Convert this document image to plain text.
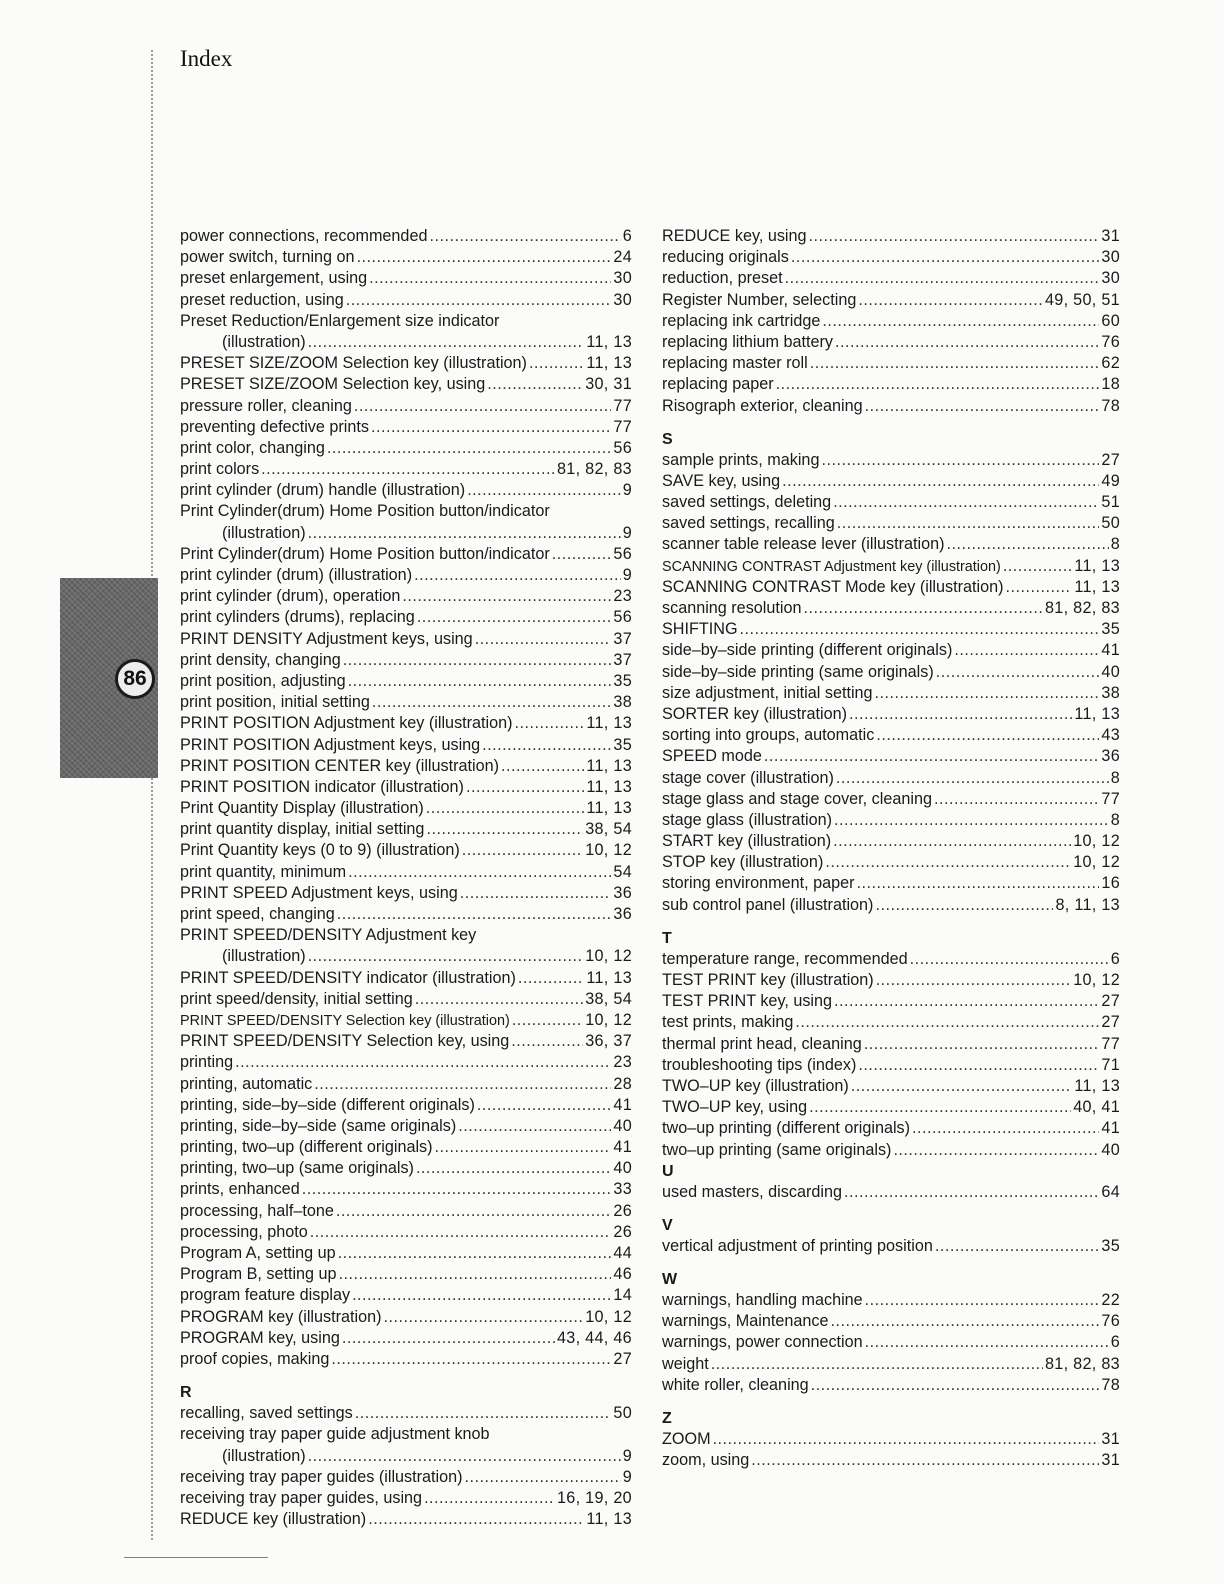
Index
86
power connections, recommended .....	6
power switch, turning on .....	24
preset enlargement, using .....	30
preset reduction, using .....	30
Preset Reduction/Enlargement size indicator
(illustration) .....	11, 13
PRESET SIZE/ZOOM Selection key (illustration) .....	11, 13
PRESET SIZE/ZOOM Selection key, using .....	30, 31
pressure roller, cleaning .....	77
preventing defective prints .....	77
print color, changing .....	56
print colors .....	81, 82, 83
print cylinder (drum) handle (illustration) .....	9
Print Cylinder(drum) Home Position button/indicator
(illustration) .....	9
Print Cylinder(drum) Home Position button/indicator .....	56
print cylinder (drum) (illustration) .....	9
print cylinder (drum), operation .....	23
print cylinders (drums), replacing .....	56
PRINT DENSITY Adjustment keys, using .....	37
print density, changing .....	37
print position, adjusting .....	35
print position, initial setting .....	38
PRINT POSITION Adjustment key (illustration) .....	11, 13
PRINT POSITION Adjustment keys, using .....	35
PRINT POSITION CENTER key (illustration) .....	11, 13
PRINT POSITION indicator (illustration) .....	11, 13
Print Quantity Display (illustration) .....	11, 13
print quantity display, initial setting .....	38, 54
Print Quantity keys (0 to 9) (illustration) .....	10, 12
print quantity, minimum .....	54
PRINT SPEED Adjustment keys, using .....	36
print speed, changing .....	36
PRINT SPEED/DENSITY Adjustment key
(illustration) .....	10, 12
PRINT SPEED/DENSITY indicator (illustration) .....	11, 13
print speed/density, initial setting .....	38, 54
PRINT SPEED/DENSITY Selection key (illustration) .....	10, 12
PRINT SPEED/DENSITY Selection key, using .....	36, 37
printing .....	23
printing, automatic .....	28
printing, side–by–side (different originals) .....	41
printing, side–by–side (same originals) .....	40
printing, two–up (different originals) .....	41
printing, two–up (same originals) .....	40
prints, enhanced .....	33
processing, half–tone .....	26
processing, photo .....	26
Program A, setting up .....	44
Program B, setting up .....	46
program feature display .....	14
PROGRAM key (illustration) .....	10, 12
PROGRAM key, using .....	43, 44, 46
proof copies, making .....	27
R
recalling, saved settings .....	50
receiving tray paper guide adjustment knob
(illustration) .....	9
receiving tray paper guides (illustration) .....	9
receiving tray paper guides, using .....	16, 19, 20
REDUCE key (illustration) .....	11, 13
REDUCE key, using .....	31
reducing originals .....	30
reduction, preset .....	30
Register Number, selecting .....	49, 50, 51
replacing ink cartridge .....	60
replacing lithium battery .....	76
replacing master roll .....	62
replacing paper .....	18
Risograph exterior, cleaning .....	78
S
sample prints, making .....	27
SAVE key, using .....	49
saved settings, deleting .....	51
saved settings, recalling .....	50
scanner table release lever (illustration) .....	8
SCANNING CONTRAST Adjustment key (illustration) .....	11, 13
SCANNING CONTRAST Mode key (illustration) .....	11, 13
scanning resolution .....	81, 82, 83
SHIFTING .....	35
side–by–side printing (different originals) .....	41
side–by–side printing (same originals) .....	40
size adjustment, initial setting .....	38
SORTER key (illustration) .....	11, 13
sorting into groups, automatic .....	43
SPEED mode .....	36
stage cover (illustration) .....	8
stage glass and stage cover, cleaning .....	77
stage glass (illustration) .....	8
START key (illustration) .....	10, 12
STOP key (illustration) .....	10, 12
storing environment, paper .....	16
sub control panel (illustration) .....	8, 11, 13
T
temperature range, recommended .....	6
TEST PRINT key (illustration) .....	10, 12
TEST PRINT key, using .....	27
test prints, making .....	27
thermal print head, cleaning .....	77
troubleshooting tips (index) .....	71
TWO–UP key (illustration) .....	11, 13
TWO–UP key, using .....	40, 41
two–up printing (different originals) .....	41
two–up printing (same originals) .....	40
U
used masters, discarding .....	64
V
vertical adjustment of printing position .....	35
W
warnings, handling machine .....	22
warnings, Maintenance .....	76
warnings, power connection .....	6
weight .....	81, 82, 83
white roller, cleaning .....	78
Z
ZOOM .....	31
zoom, using .....	31
